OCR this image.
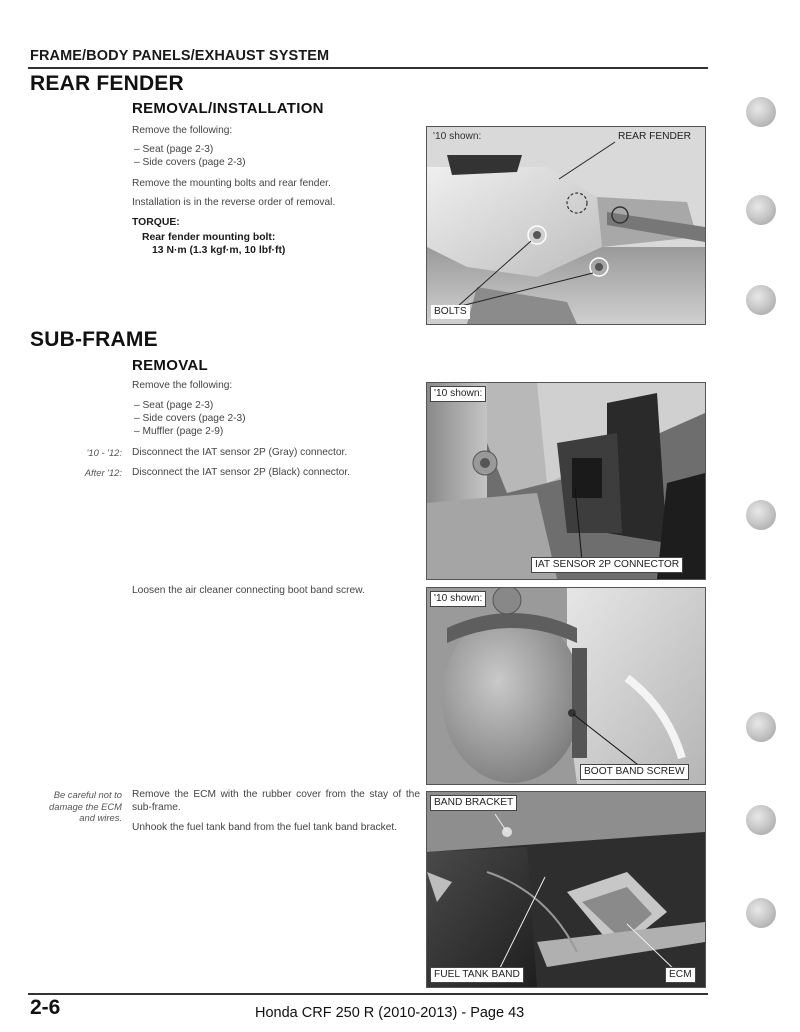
FRAME/BODY PANELS/EXHAUST SYSTEM
REAR FENDER
REMOVAL/INSTALLATION
Remove the following:
– Seat (page 2-3)
– Side covers (page 2-3)
Remove the mounting bolts and rear fender.
Installation is in the reverse order of removal.
TORQUE:
Rear fender mounting bolt:
13 N·m (1.3 kgf·m, 10 lbf·ft)
'10 shown:	REAR FENDER
BOLTS
SUB-FRAME
REMOVAL
Remove the following:
– Seat (page 2-3)
– Side covers (page 2-3)
– Muffler (page 2-9)
'10 - '12: Disconnect the IAT sensor 2P (Gray) connector.
After '12: Disconnect the IAT sensor 2P (Black) connector.
Loosen the air cleaner connecting boot band screw.
Be careful not to
damage the ECM
and wires.
Remove the ECM with the rubber cover from the stay of the sub-frame.
Unhook the fuel tank band from the fuel tank band bracket.
'10 shown:
IAT SENSOR 2P CONNECTOR
'10 shown:
BOOT BAND SCREW
BAND BRACKET
FUEL TANK BAND	ECM
2-6	Honda CRF 250 R (2010-2013) - Page 43
